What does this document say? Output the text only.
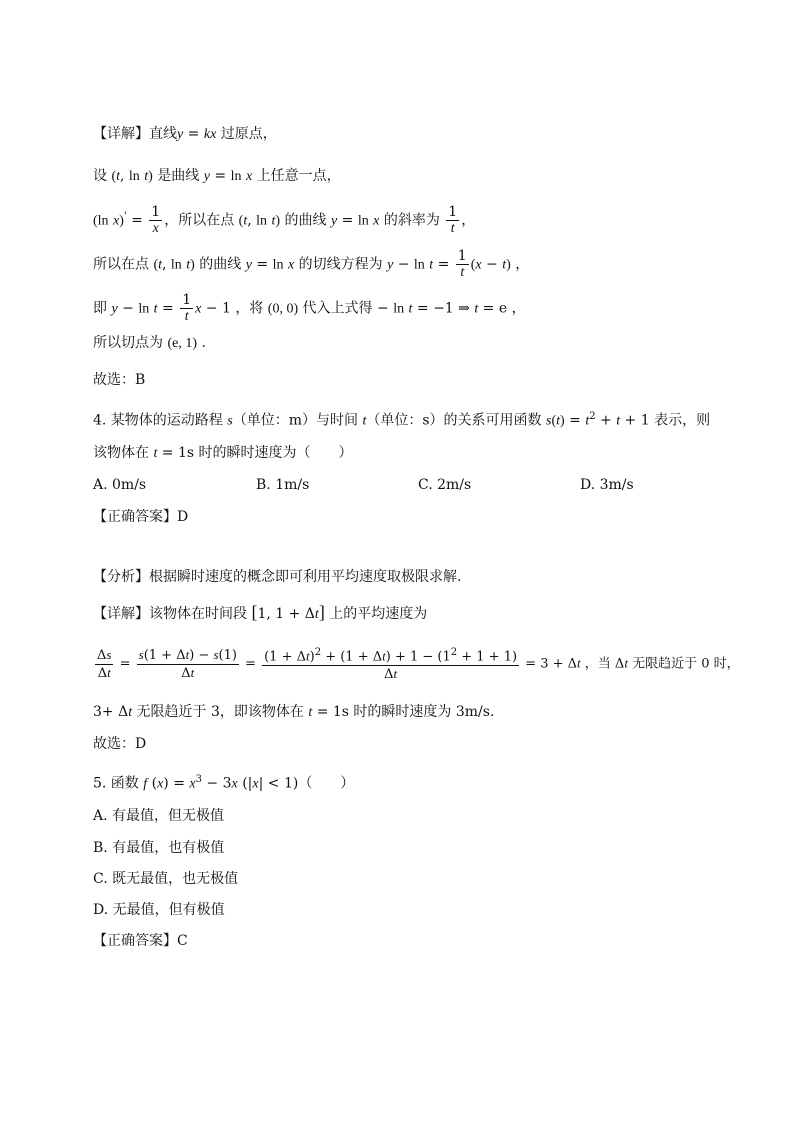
【详解】直线y = kx 过原点，
设 (t, ln t) 是曲线 y = ln x 上任意一点，
(ln $x)' = \frac{1}{x}$ ，所以在点 (t, ln t) 的曲线 y = ln x 的斜率为 $\frac{1}{t}$ ，
所以在点 (t, ln t) 的曲线 y = ln x 的切线方程为 $y - \ln t = \frac{1}{t} (x - t)$ ，
即 $y - \ln t = \frac{1}{t}$ x − 1 ，将 (0, 0) 代入上式得 − ln t = −1 ⇒ t = e ，
所以切点为 (e, 1) .
故选：B
4. 某物体的运动路程 s（单位：m）与时间 t（单位：s）的关系可用函数 $s(t) = t^2 + t + 1$ 表示，则
该物体在 t = 1s 时的瞬时速度为（　　）
A. 0m/s	B. 1m/s	C. 2m/s	D. 3m/s
【正确答案】D
【分析】根据瞬时速度的概念即可利用平均速度取极限求解.
【详解】该物体在时间段 [1, 1 + Δt] 上的平均速度为
$\frac{\Delta s}{\Delta t} = \frac{s(1 + \Delta t) - s(1)}{\Delta t} = \frac{(1 + \Delta t)^2 + (1 + \Delta t) + 1 - (1^2 + 1 + 1)}{\Delta t} = 3 + \Delta t$ ，当 Δt 无限趋近于 0 时，
3+ Δt 无限趋近于 3，即该物体在 t = 1s 时的瞬时速度为 3m/s.
故选：D
5. 函数 f $(x) = x^3 - 3x$ (|x| < 1)（　　）
A. 有最值，但无极值
B. 有最值，也有极值
C. 既无最值，也无极值
D. 无最值，但有极值
【正确答案】C
